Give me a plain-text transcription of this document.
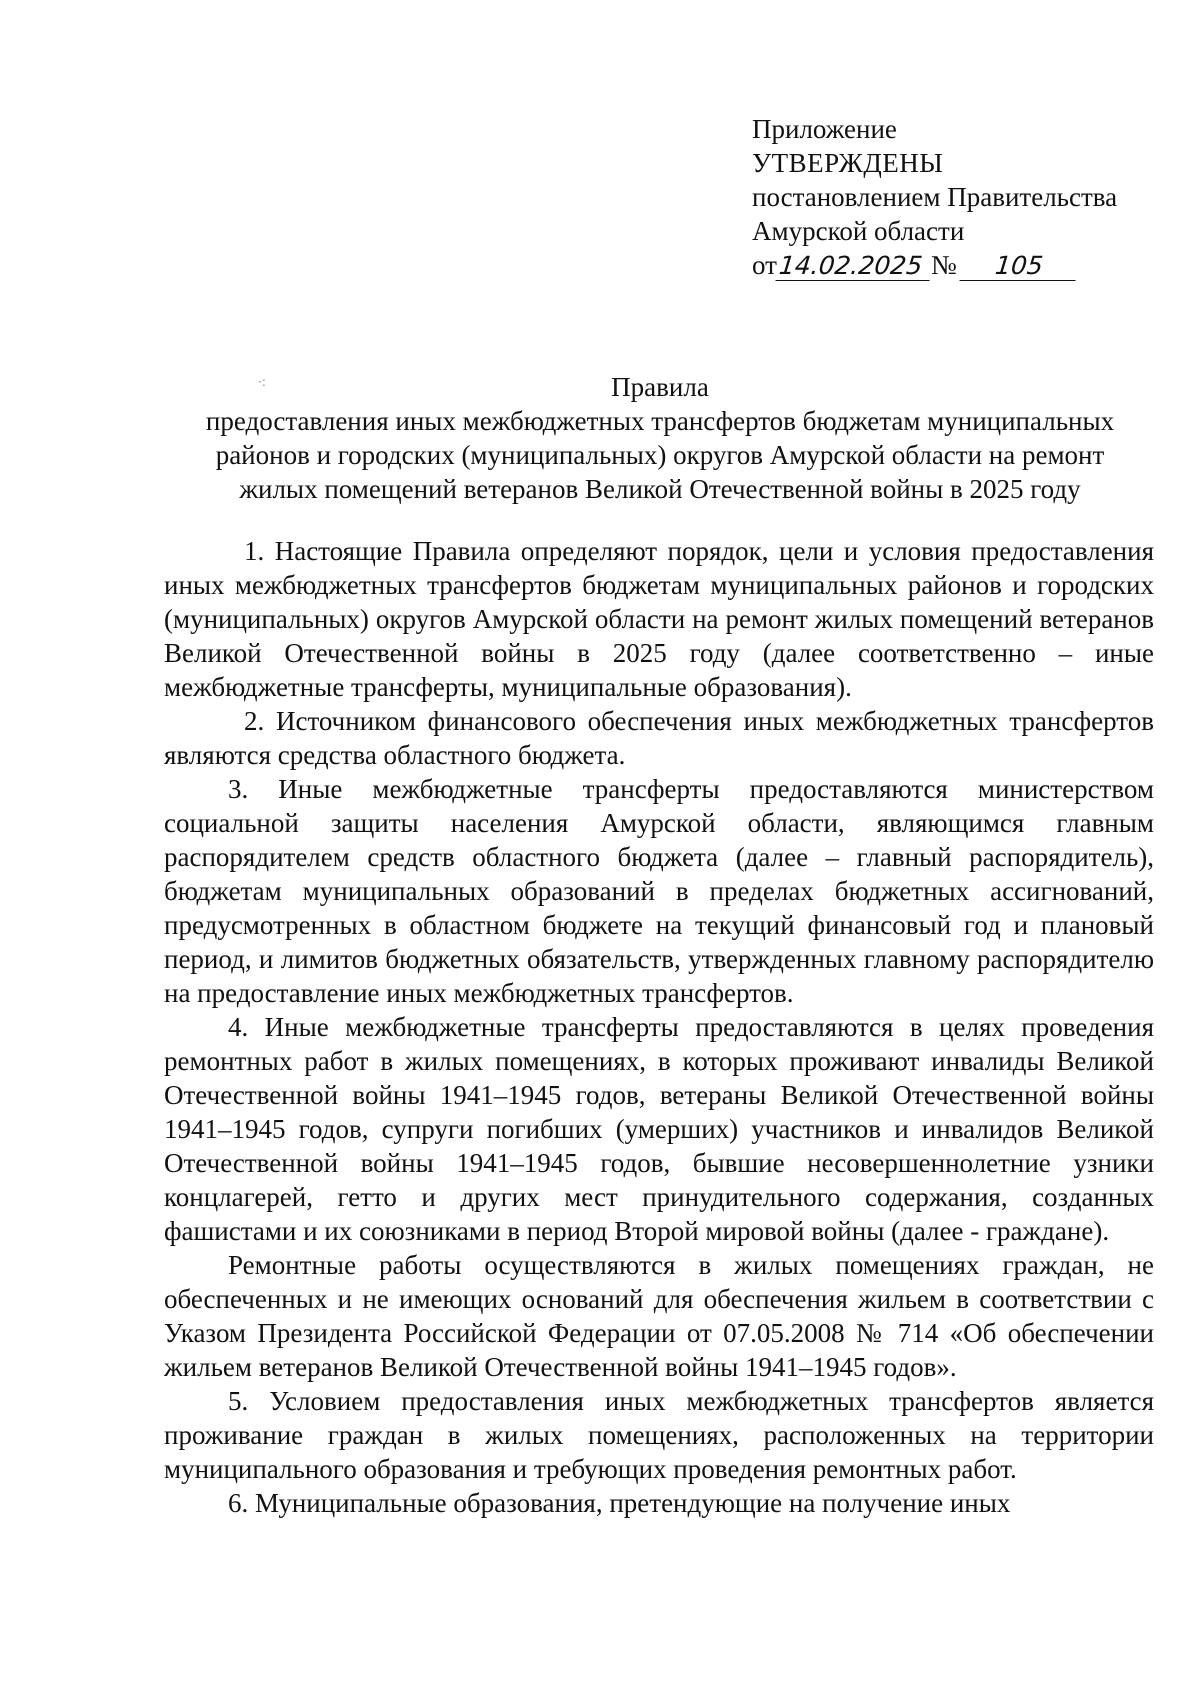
Приложение
УТВЕРЖДЕНЫ
постановлением Правительства
Амурской области
от14.02.2025 № 105
·:	Правила
предоставления иных межбюджетных трансфертов бюджетам муниципальных
районов и городских (муниципальных) округов Амурской области на ремонт
жилых помещений ветеранов Великой Отечественной войны в 2025 году

1. Настоящие Правила определяют порядок, цели и условия предоставления иных межбюджетных трансфертов бюджетам муниципальных районов и городских (муниципальных) округов Амурской области на ремонт жилых помещений ветеранов Великой Отечественной войны в 2025 году (далее соответственно – иные межбюджетные трансферты, муниципальные образования).

2. Источником финансового обеспечения иных межбюджетных трансфертов являются средства областного бюджета.

3. Иные межбюджетные трансферты предоставляются министерством социальной защиты населения Амурской области, являющимся главным распорядителем средств областного бюджета (далее – главный распорядитель), бюджетам муниципальных образований в пределах бюджетных ассигнований, предусмотренных в областном бюджете на текущий финансовый год и плановый период, и лимитов бюджетных обязательств, утвержденных главному распорядителю на предоставление иных межбюджетных трансфертов.

4. Иные межбюджетные трансферты предоставляются в целях проведения ремонтных работ в жилых помещениях, в которых проживают инвалиды Великой Отечественной войны 1941–1945 годов, ветераны Великой Отечественной войны 1941–1945 годов, супруги погибших (умерших) участников и инвалидов Великой Отечественной войны 1941–1945 годов, бывшие несовершеннолетние узники концлагерей, гетто и других мест принудительного содержания, созданных фашистами и их союзниками в период Второй мировой войны (далее - граждане).

Ремонтные работы осуществляются в жилых помещениях граждан, не обеспеченных и не имеющих оснований для обеспечения жильем в соответствии с Указом Президента Российской Федерации от 07.05.2008 № 714 «Об обеспечении жильем ветеранов Великой Отечественной войны 1941–1945 годов».

5. Условием предоставления иных межбюджетных трансфертов является проживание граждан в жилых помещениях, расположенных на территории муниципального образования и требующих проведения ремонтных работ.

6. Муниципальные образования, претендующие на получение иных
